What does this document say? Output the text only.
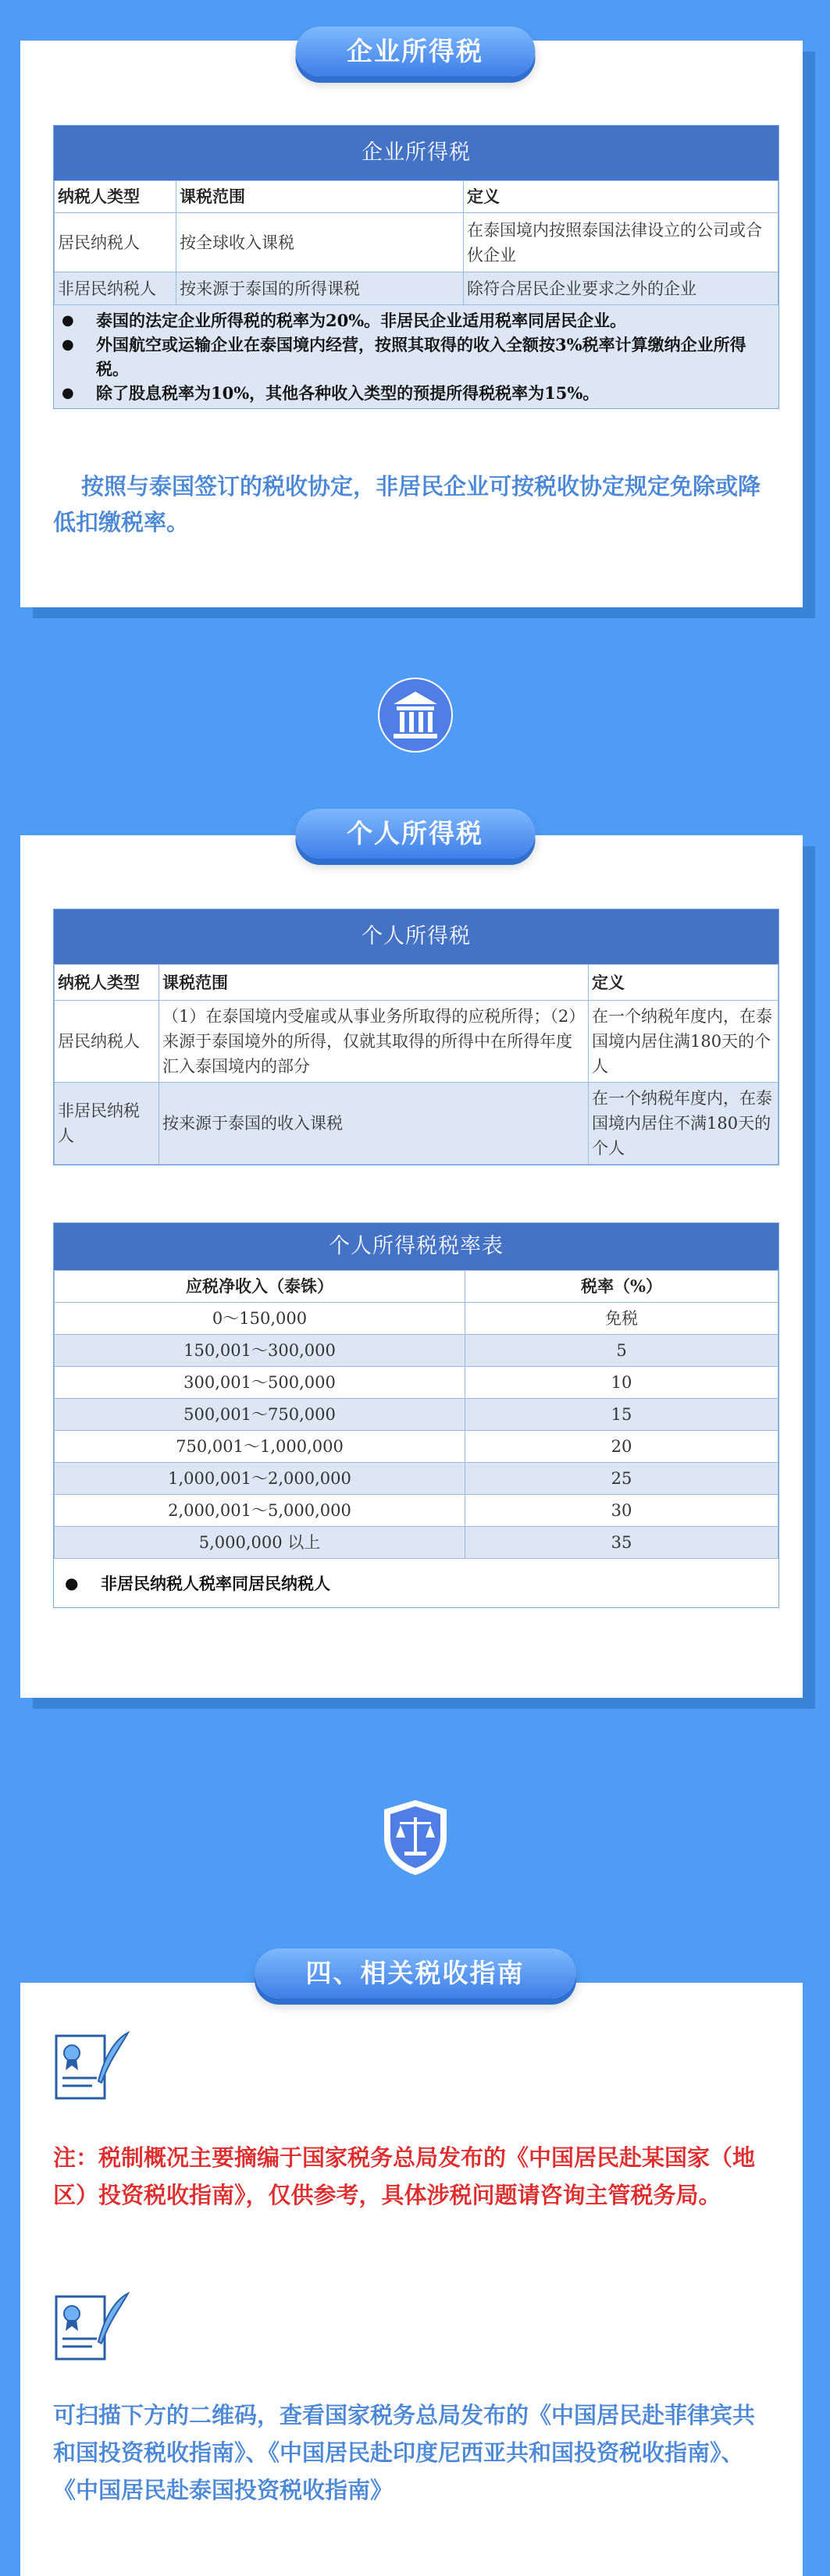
企业所得税
企业所得税
纳税人类型	课税范围	定义
居民纳税人	按全球收入课税	在泰国境内按照泰国法律设立的公司或合伙企业
非居民纳税人	按来源于泰国的所得课税	除符合居民企业要求之外的企业
●	泰国的法定企业所得税的税率为20%。非居民企业适用税率同居民企业。
●	外国航空或运输企业在泰国境内经营，按照其取得的收入全额按3%税率计算缴纳企业所得税。
●	除了股息税率为10%，其他各种收入类型的预提所得税税率为15%。
按照与泰国签订的税收协定，非居民企业可按税收协定规定免除或降低扣缴税率。
个人所得税
个人所得税
纳税人类型	课税范围	定义
居民纳税人	（1）在泰国境内受雇或从事业务所取得的应税所得；（2）来源于泰国境外的所得，仅就其取得的所得中在所得年度汇入泰国境内的部分	在一个纳税年度内，在泰国境内居住满180天的个人
非居民纳税人	按来源于泰国的收入课税	在一个纳税年度内，在泰国境内居住不满180天的个人
个人所得税税率表
应税净收入（泰铢）	税率（%）
0～150,000	免税
150,001～300,000	5
300,001～500,000	10
500,001～750,000	15
750,001～1,000,000	20
1,000,001～2,000,000	25
2,000,001～5,000,000	30
5,000,000 以上	35
●	非居民纳税人税率同居民纳税人
四、相关税收指南
注：税制概况主要摘编于国家税务总局发布的《中国居民赴某国家（地区）投资税收指南》，仅供参考，具体涉税问题请咨询主管税务局。
可扫描下方的二维码，查看国家税务总局发布的《中国居民赴菲律宾共和国投资税收指南》、《中国居民赴印度尼西亚共和国投资税收指南》、《中国居民赴泰国投资税收指南》
